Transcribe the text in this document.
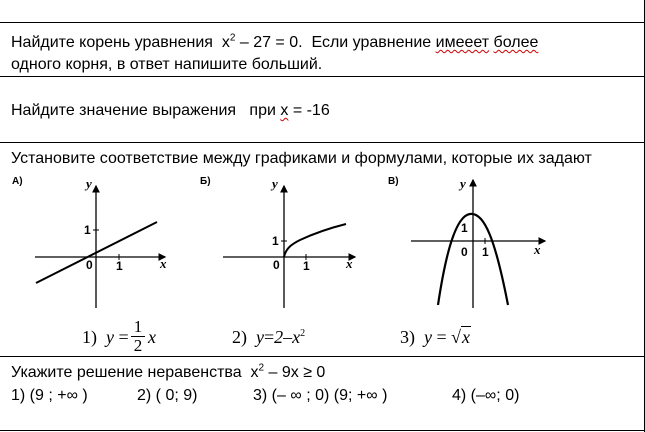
Найдите корень уравнения $x^2 - 27 = 0$. Если уравнение имееет более
одного корня, в ответ напишите больший.
Найдите значение выражения при x = -16
Установите соответствие между графиками и формулами, которые их задают
А)	y
x
0 1
1
Б)	y
x
0 1
1
В)	y
x
0 1
1
1) y =
1
2 x	2) $y=2-x^2$	3) y = √x
Укажите решение неравенства $x^2 - 9x \ge 0$
1) (9 ; +∞ )	2) ( 0; 9)	3) (– ∞ ; 0) (9; +∞ )	4) (–∞; 0)
